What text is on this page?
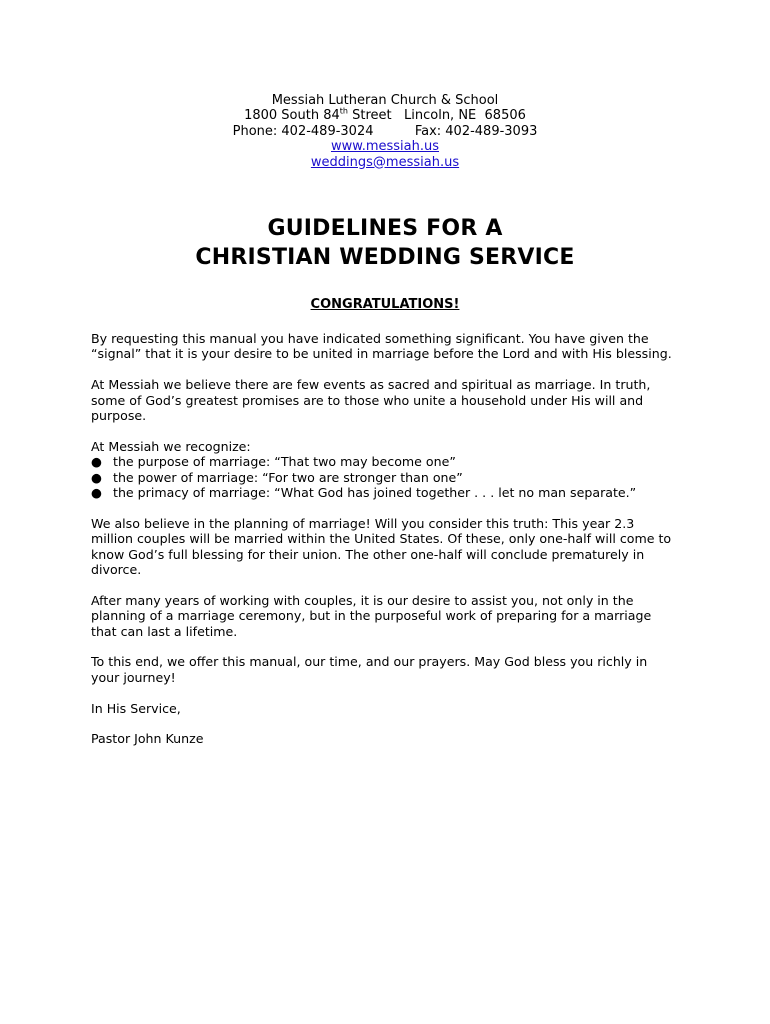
Messiah Lutheran Church & School
1800 South 84th Street   Lincoln, NE  68506
Phone: 402-489-3024          Fax: 402-489-3093
www.messiah.us
weddings@messiah.us
GUIDELINES FOR A
CHRISTIAN WEDDING SERVICE
CONGRATULATIONS!

By requesting this manual you have indicated something significant. You have given the
“signal” that it is your desire to be united in marriage before the Lord and with His blessing.

At Messiah we believe there are few events as sacred and spiritual as marriage. In truth,
some of God’s greatest promises are to those who unite a household under His will and
purpose.

At Messiah we recognize:
● the purpose of marriage: “That two may become one”
● the power of marriage: “For two are stronger than one”
● the primacy of marriage: “What God has joined together . . . let no man separate.”

We also believe in the planning of marriage! Will you consider this truth: This year 2.3
million couples will be married within the United States. Of these, only one-half will come to
know God’s full blessing for their union. The other one-half will conclude prematurely in
divorce.

After many years of working with couples, it is our desire to assist you, not only in the
planning of a marriage ceremony, but in the purposeful work of preparing for a marriage
that can last a lifetime.

To this end, we offer this manual, our time, and our prayers. May God bless you richly in
your journey!

In His Service,

Pastor John Kunze
